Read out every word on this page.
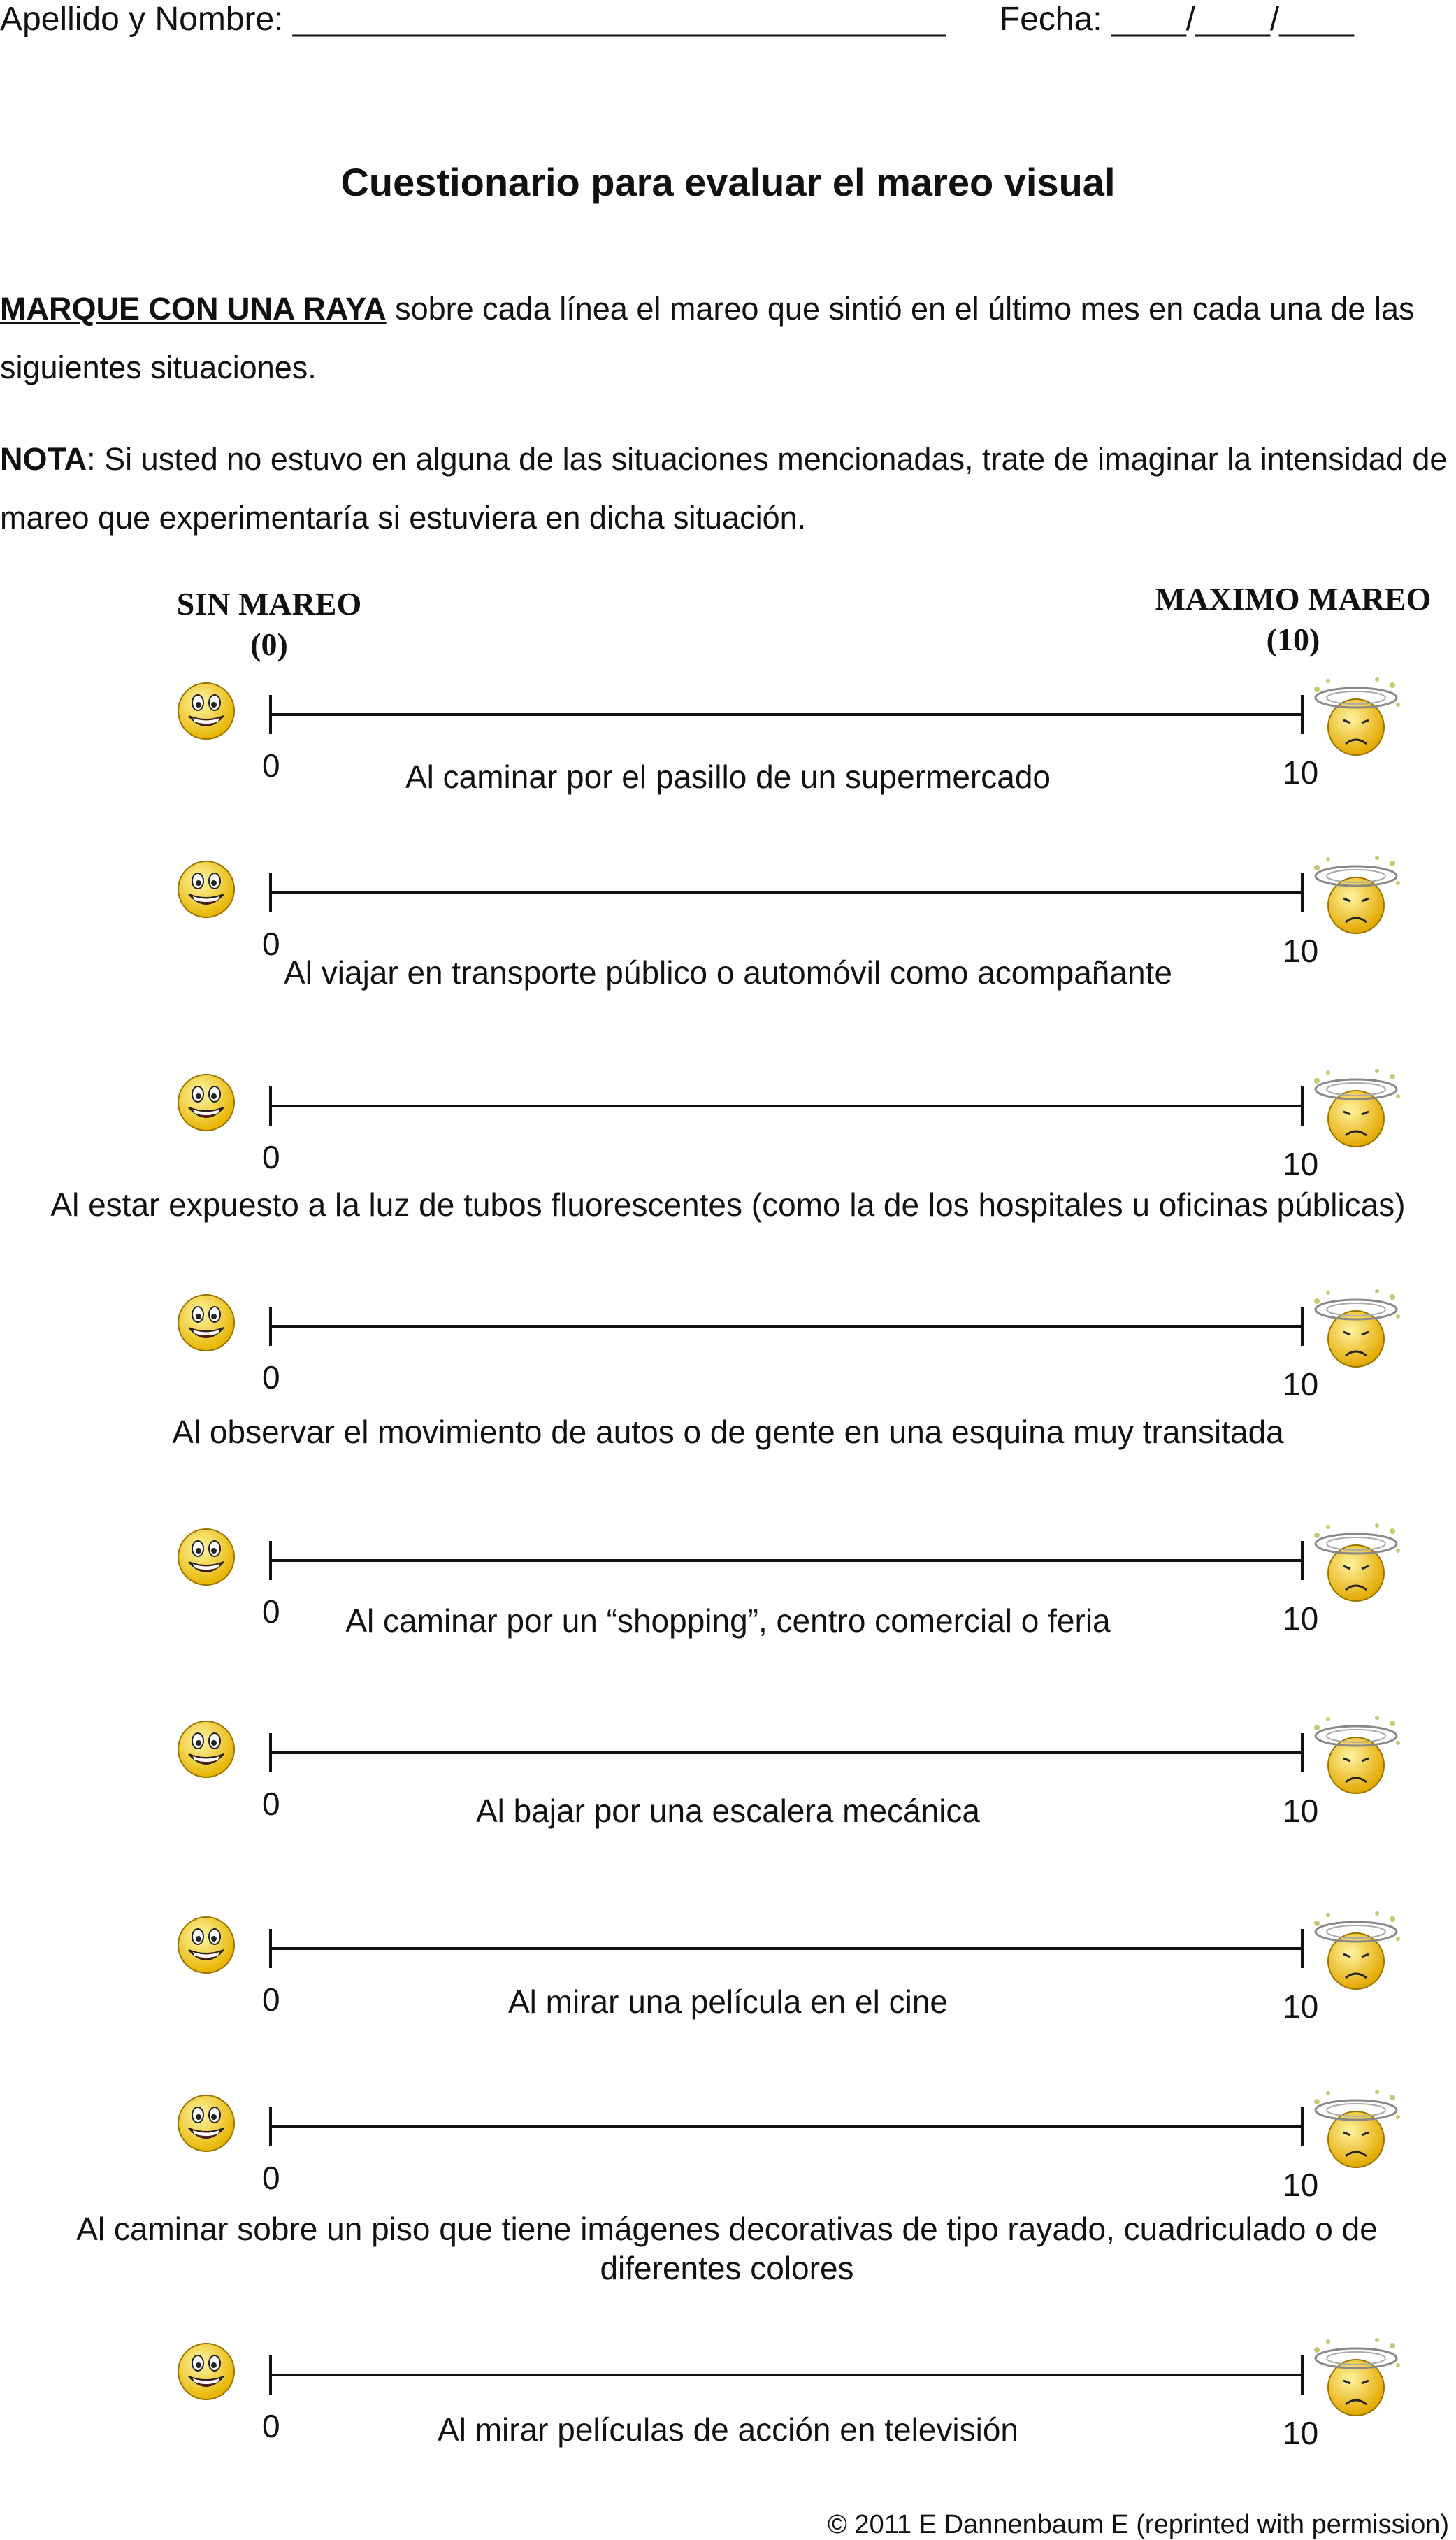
Apellido y Nombre: ___________________________________ Fecha: ____/____/____
Cuestionario para evaluar el mareo visual
MARQUE CON UNA RAYA sobre cada línea el mareo que sintió en el último mes en cada una de las siguientes situaciones.
NOTA: Si usted no estuvo en alguna de las situaciones mencionadas, trate de imaginar la intensidad de mareo que experimentaría si estuviera en dicha situación.
SIN MAREO
(0)
MAXIMO MAREO
(10)
0	10
Al caminar por el pasillo de un supermercado
0	10
Al viajar en transporte público o automóvil como acompañante
0	10
Al estar expuesto a la luz de tubos fluorescentes (como la de los hospitales u oficinas públicas)
0	10
Al observar el movimiento de autos o de gente en una esquina muy transitada
0	10
Al caminar por un “shopping”, centro comercial o feria
0	10
Al bajar por una escalera mecánica
0	10
Al mirar una película en el cine
0	10
Al caminar sobre un piso que tiene imágenes decorativas de tipo rayado, cuadriculado o de diferentes colores
0	10
Al mirar películas de acción en televisión
© 2011 E Dannenbaum E (reprinted with permission)
